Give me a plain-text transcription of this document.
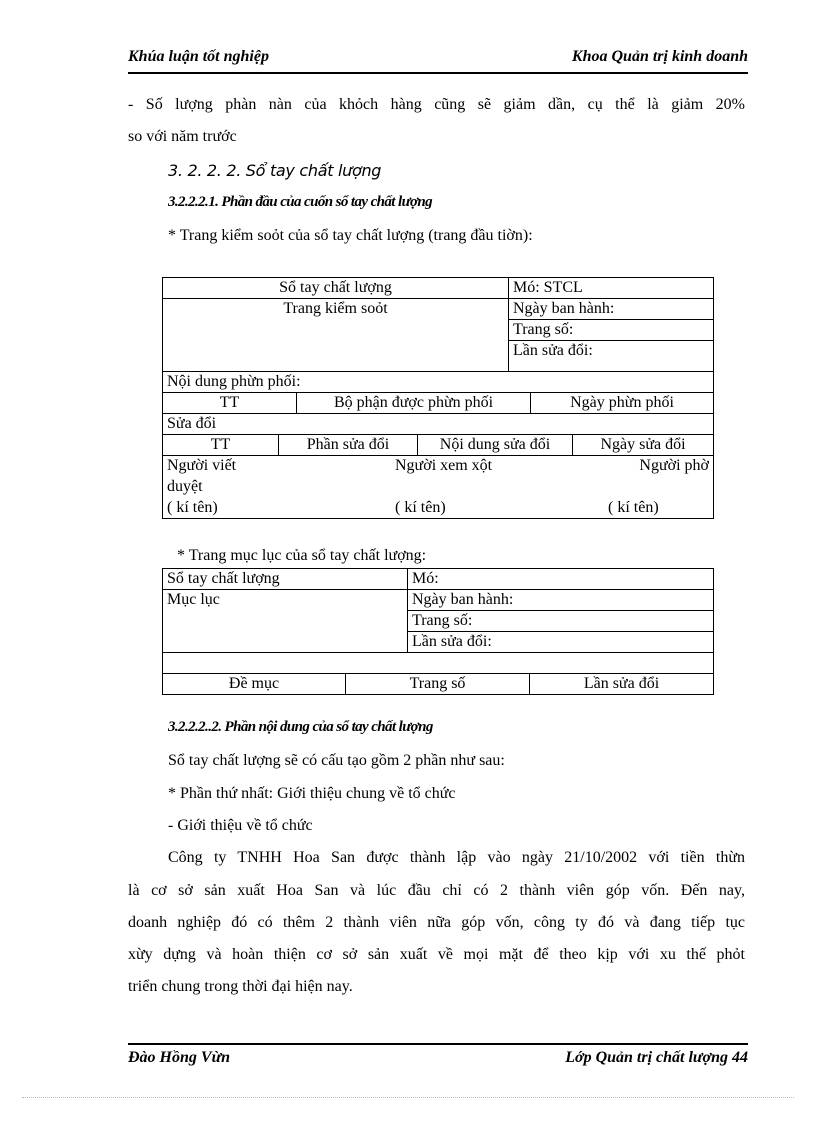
Khúa luận tốt nghiệp	Khoa Quản trị kinh doanh
- Số lượng phàn nàn của khỏch hàng cũng sẽ giảm dần, cụ thể là giảm 20%
so với năm trước
3. 2. 2. 2. Sổ tay chất lượng
3.2.2.2.1. Phần đầu của cuốn sổ tay chất lượng
* Trang kiểm soỏt của sổ tay chất lượng (trang đầu tiờn):
Sổ tay chất lượng	Mó: STCL
Trang kiểm soỏt	Ngày ban hành:
Trang số:
Lần sửa đổi:
Nội dung phừn phối:

TT	Bộ phận được phừn phối	Ngày phừn phối

Sửa đổi

TT	Phần sửa đổi	Nội dung sửa đổi	Ngày sửa đổi

Người viết	Người xem xột	Người phờ
duyệt
( kí tên)	( kí tên)	( kí tên)
* Trang mục lục của sổ tay chất lượng:
Sổ tay chất lượng	Mó:
Mục lục	Ngày ban hành:
Trang số:
Lần sửa đổi:

Đề mục	Trang số	Lần sửa đổi
3.2.2.2..2. Phần nội dung của sổ tay chất lượng
Sổ tay chất lượng sẽ có cấu tạo gồm 2 phần như sau:
* Phần thứ nhất: Giới thiệu chung về tổ chức
- Giới thiệu về tổ chức
Công ty TNHH Hoa San được thành lập vào ngày 21/10/2002 với tiền thừn
là cơ sở sản xuất Hoa San và lúc đầu chỉ có 2 thành viên góp vốn. Đến nay,
doanh nghiệp đó có thêm 2 thành viên nữa góp vốn, công ty đó và đang tiếp tục
xừy dựng và hoàn thiện cơ sở sản xuất về mọi mặt để theo kịp với xu thế phỏt
triển chung trong thời đại hiện nay.
Đào Hồng Vừn	Lớp Quản trị chất lượng 44
